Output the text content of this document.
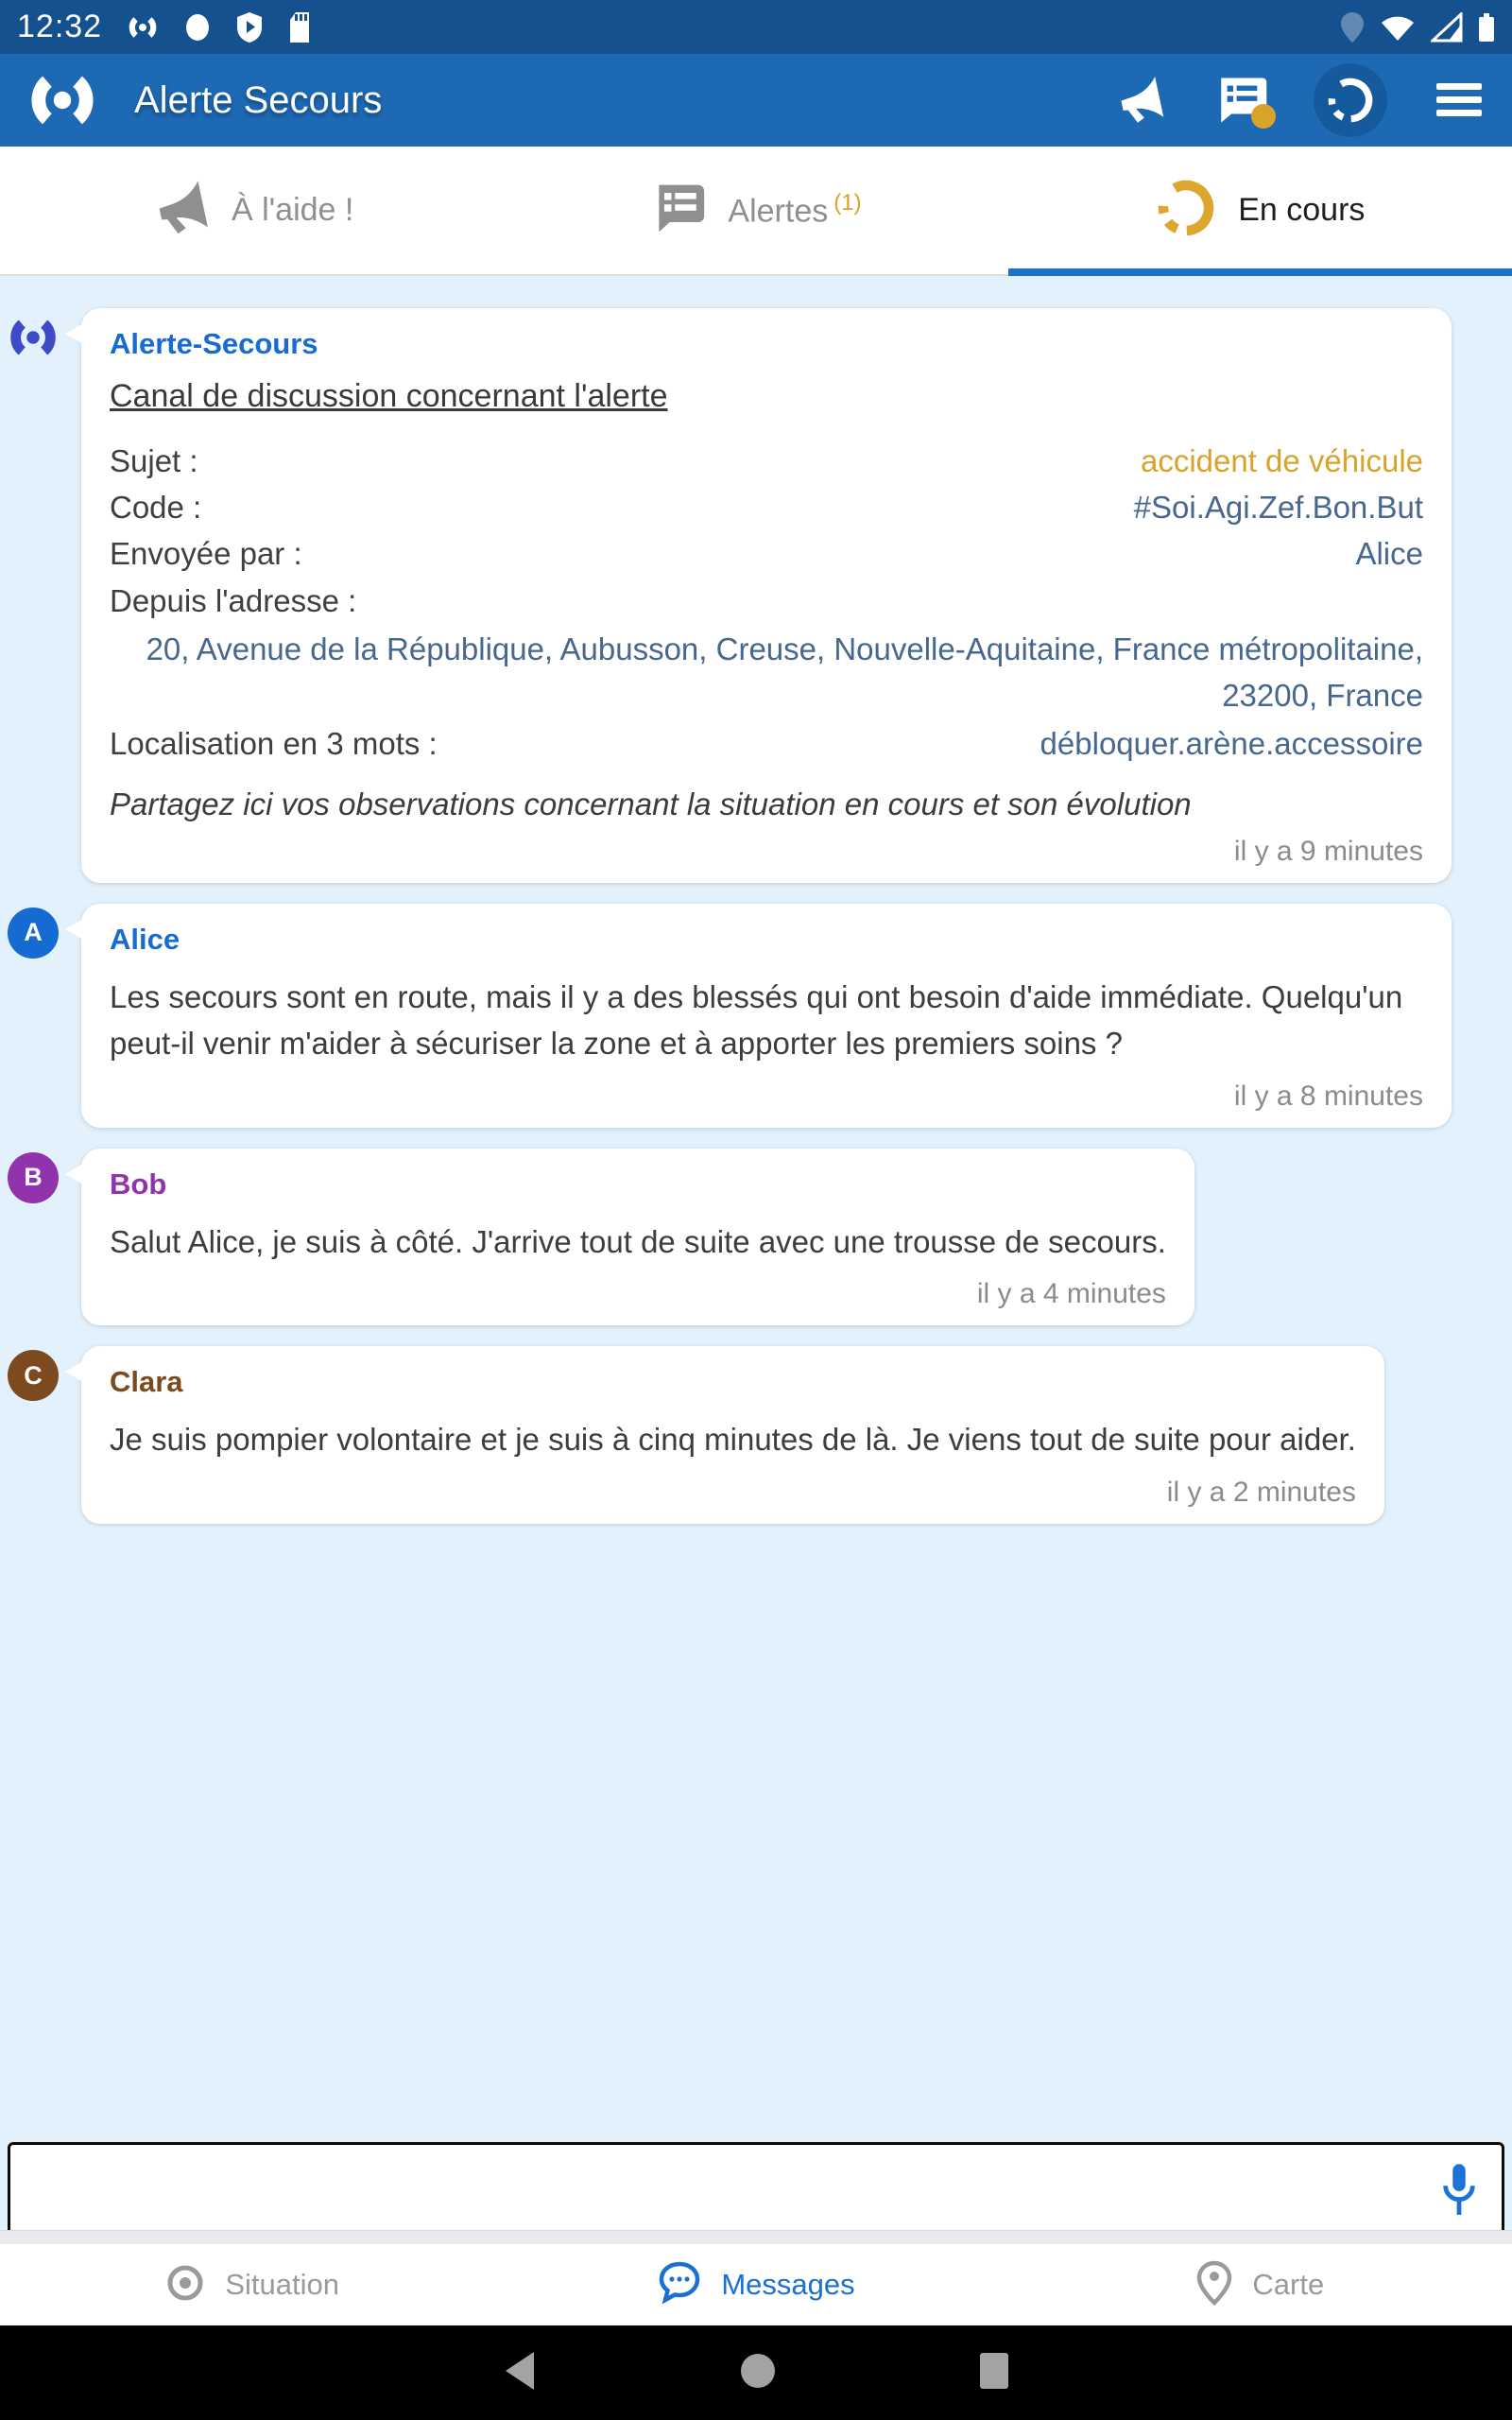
12:32
Alerte Secours
À l'aide !	Alertes $^{(1)}$	En cours
Alerte-Secours
Canal de discussion concernant l'alerte
Sujet :	accident de véhicule
Code :	#Soi.Agi.Zef.Bon.But
Envoyée par :	Alice
Depuis l'adresse :
20, Avenue de la République, Aubusson, Creuse, Nouvelle-Aquitaine, France métropolitaine, 23200, France
Localisation en 3 mots :	débloquer.arène.accessoire
Partagez ici vos observations concernant la situation en cours et son évolution
il y a 9 minutes
A	Alice
Les secours sont en route, mais il y a des blessés qui ont besoin d'aide immédiate. Quelqu'un peut-il venir m'aider à sécuriser la zone et à apporter les premiers soins ?
il y a 8 minutes
B	Bob
Salut Alice, je suis à côté. J'arrive tout de suite avec une trousse de secours.
il y a 4 minutes
C	Clara
Je suis pompier volontaire et je suis à cinq minutes de là. Je viens tout de suite pour aider.
il y a 2 minutes
Situation	Messages	Carte
